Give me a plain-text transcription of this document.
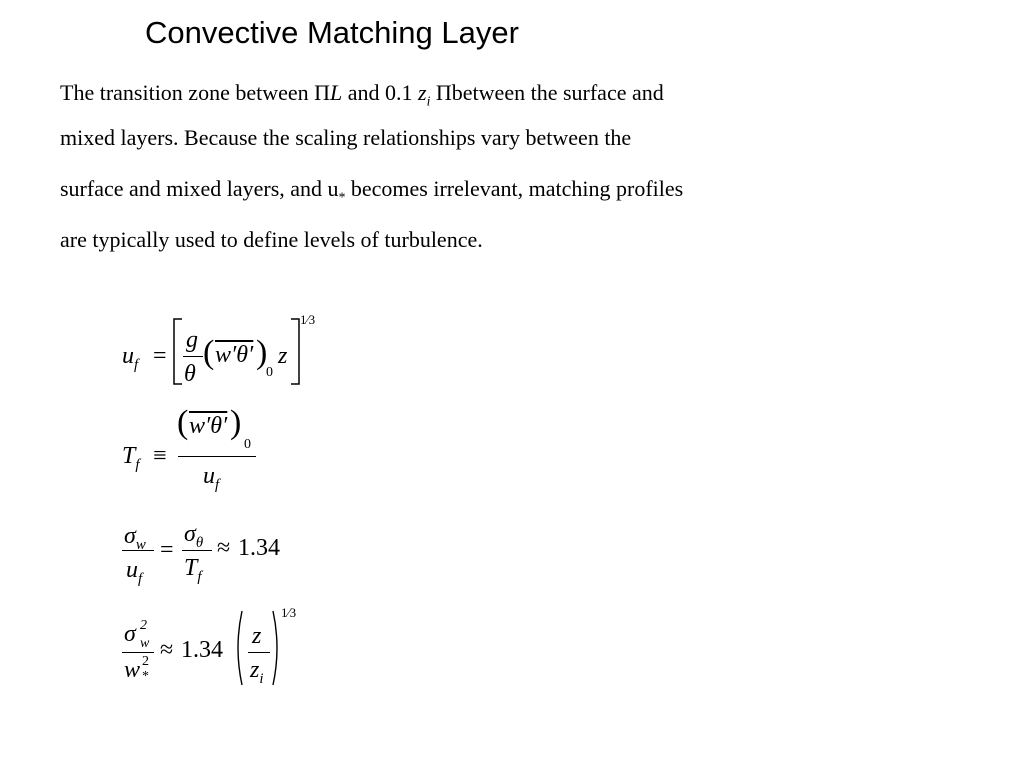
Convective Matching Layer
The transition zone between ΠL and 0.1 $z_i$ Πbetween the surface and
mixed layers. Because the scaling relationships vary between the
surface and mixed layers, and $u_*$ becomes irrelevant, matching profiles
are typically used to define levels of turbulence.
$u_f$ =
g
θ
( w′θ′ )
0
z
1⁄3
$T_f$ ≡
( w′θ′ )
0
$u_f$
$\sigma_w$
$u_f$
=
$\sigma_\theta$
$T_f$
≈ 1.34
σ 2
w
w 2
*
≈ 1.34
z
$z_i$
1⁄3
